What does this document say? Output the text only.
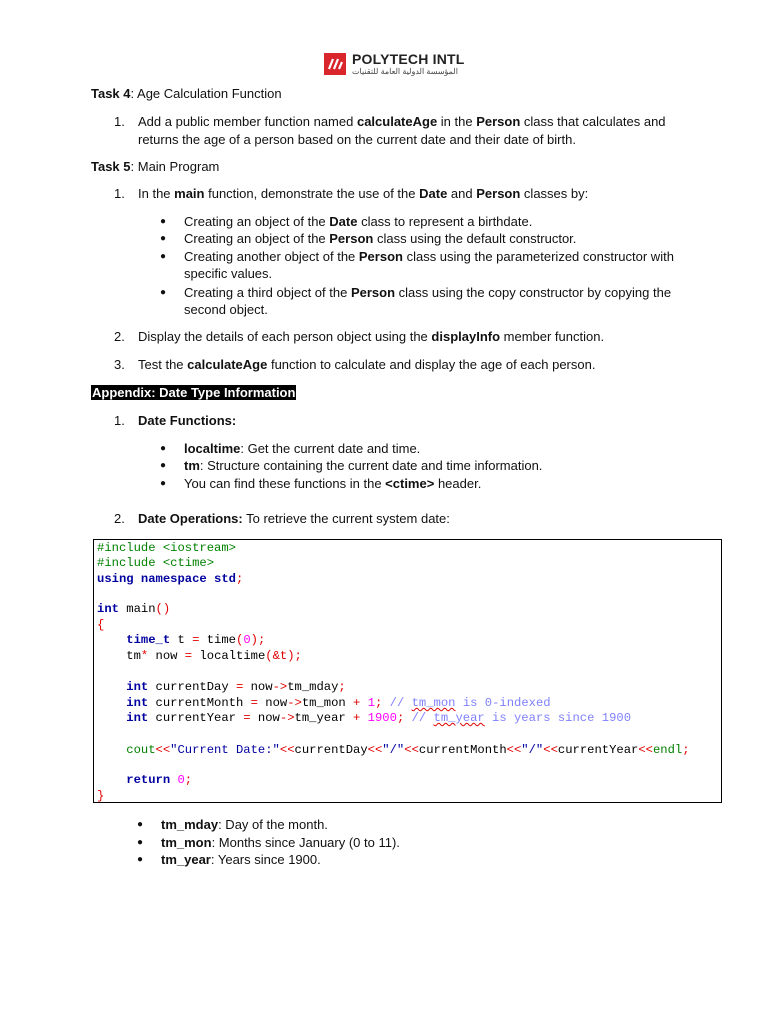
POLYTECH INTL
المؤسسة الدولية العامة للتقنيات
Task 4: Age Calculation Function
1. Add a public member function named calculateAge in the Person class that calculates and
returns the age of a person based on the current date and their date of birth.
Task 5: Main Program
1. In the main function, demonstrate the use of the Date and Person classes by:
● Creating an object of the Date class to represent a birthdate.
● Creating an object of the Person class using the default constructor.
● Creating another object of the Person class using the parameterized constructor with
specific values.
● Creating a third object of the Person class using the copy constructor by copying the
second object.
2. Display the details of each person object using the displayInfo member function.
3. Test the calculateAge function to calculate and display the age of each person.
Appendix: Date Type Information
1. Date Functions:
● localtime: Get the current date and time.
● tm: Structure containing the current date and time information.
● You can find these functions in the <ctime> header.
2. Date Operations: To retrieve the current system date:
#include <iostream>
#include <ctime>
using namespace std;
int main()
{
time_t t = time(0);
tm* now = localtime(&t);
int currentDay = now->tm_mday;
int currentMonth = now->tm_mon + 1; // tm_mon is 0-indexed
int currentYear = now->tm_year + 1900; // tm_year is years since 1900
cout<<"Current Date:"<<currentDay<<"/"<<currentMonth<<"/"<<currentYear<<endl;
return 0;
}
● tm_mday: Day of the month.
● tm_mon: Months since January (0 to 11).
● tm_year: Years since 1900.
